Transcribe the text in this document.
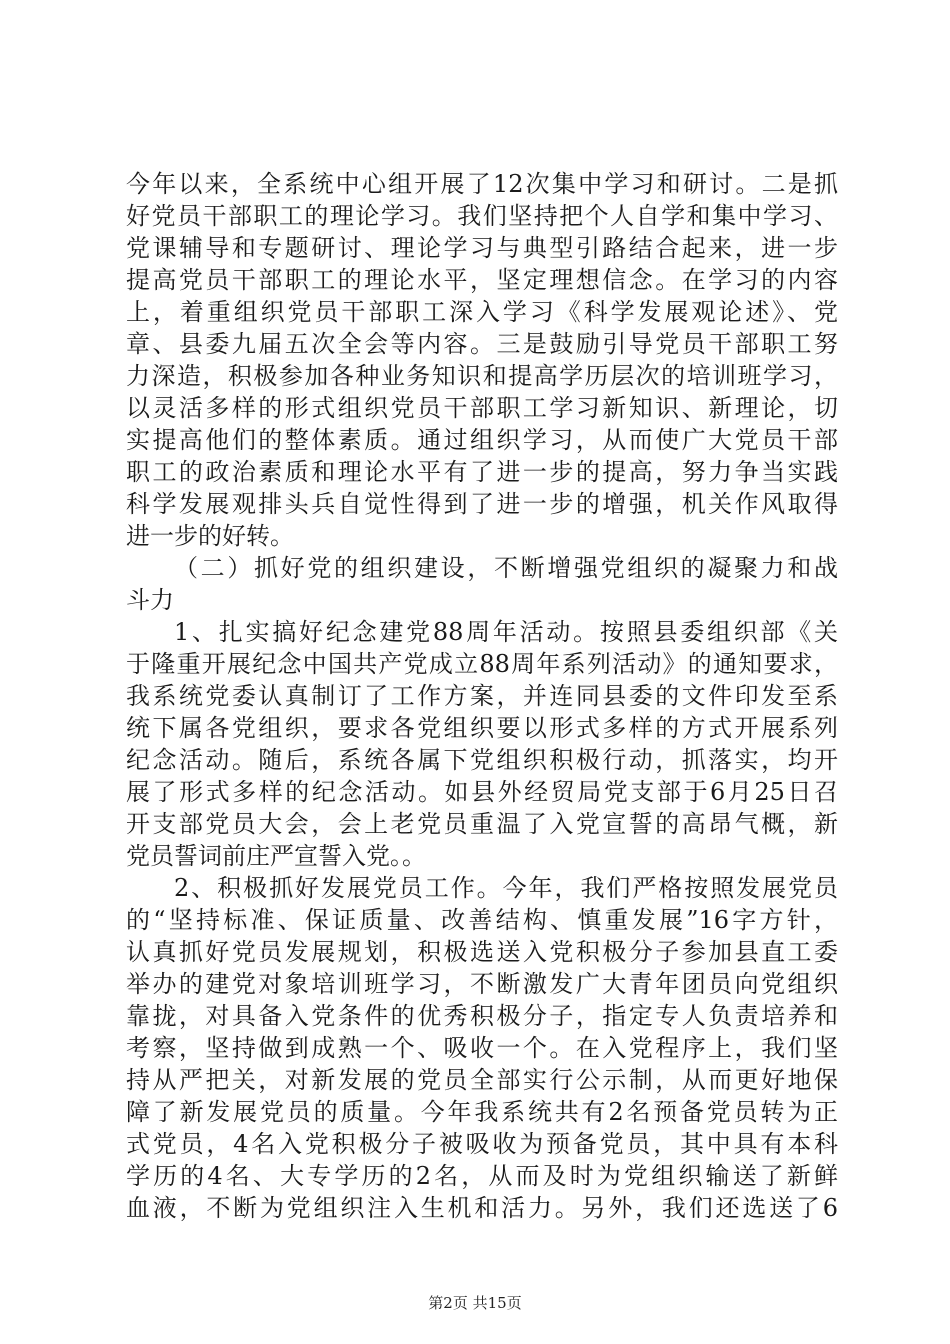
今年以来，全系统中心组开展了12次集中学习和研讨。二是抓
好党员干部职工的理论学习。我们坚持把个人自学和集中学习、
党课辅导和专题研讨、理论学习与典型引路结合起来，进一步
提高党员干部职工的理论水平，坚定理想信念。在学习的内容
上，着重组织党员干部职工深入学习《科学发展观论述》、党
章、县委九届五次全会等内容。三是鼓励引导党员干部职工努
力深造，积极参加各种业务知识和提高学历层次的培训班学习，
以灵活多样的形式组织党员干部职工学习新知识、新理论，切
实提高他们的整体素质。通过组织学习，从而使广大党员干部
职工的政治素质和理论水平有了进一步的提高，努力争当实践
科学发展观排头兵自觉性得到了进一步的增强，机关作风取得
进一步的好转。
（二）抓好党的组织建设，不断增强党组织的凝聚力和战
斗力
1、扎实搞好纪念建党88周年活动。按照县委组织部《关
于隆重开展纪念中国共产党成立88周年系列活动》的通知要求，
我系统党委认真制订了工作方案，并连同县委的文件印发至系
统下属各党组织，要求各党组织要以形式多样的方式开展系列
纪念活动。随后，系统各属下党组织积极行动，抓落实，均开
展了形式多样的纪念活动。如县外经贸局党支部于6月25日召
开支部党员大会，会上老党员重温了入党宣誓的高昂气概，新
党员誓词前庄严宣誓入党。。
2、积极抓好发展党员工作。今年，我们严格按照发展党员
的“坚持标准、保证质量、改善结构、慎重发展”16字方针，
认真抓好党员发展规划，积极选送入党积极分子参加县直工委
举办的建党对象培训班学习，不断激发广大青年团员向党组织
靠拢，对具备入党条件的优秀积极分子，指定专人负责培养和
考察，坚持做到成熟一个、吸收一个。在入党程序上，我们坚
持从严把关，对新发展的党员全部实行公示制，从而更好地保
障了新发展党员的质量。今年我系统共有2名预备党员转为正
式党员，4名入党积极分子被吸收为预备党员，其中具有本科
学历的4名、大专学历的2名，从而及时为党组织输送了新鲜
血液，不断为党组织注入生机和活力。另外，我们还选送了6
第2页 共15页
